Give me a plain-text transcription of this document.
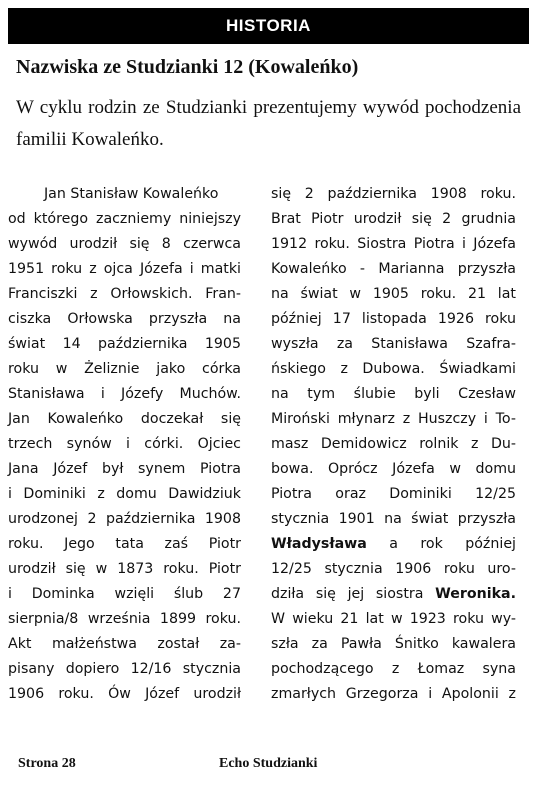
HISTORIA
Nazwiska ze Studzianki 12 (Kowaleńko)

W cyklu rodzin ze Studzianki prezentujemy wywód pochodzenia familii Kowaleńko.

Jan Stanisław Kowaleńko
od którego zaczniemy niniejszy
wywód urodził się 8 czerwca
1951 roku z ojca Józefa i matki
Franciszki z Orłowskich. Fran-
ciszka Orłowska przyszła na
świat 14 października 1905
roku w Żeliznie jako córka
Stanisława i Józefy Muchów.
Jan Kowaleńko doczekał się
trzech synów i córki. Ojciec
Jana Józef był synem Piotra
i Dominiki z domu Dawidziuk
urodzonej 2 października 1908
roku. Jego tata zaś Piotr
urodził się w 1873 roku. Piotr
i Dominka wzięli ślub 27
sierpnia/8 września 1899 roku.
Akt małżeństwa został za-
pisany dopiero 12/16 stycznia
1906 roku. Ów Józef urodził
się 2 października 1908 roku.
Brat Piotr urodził się 2 grudnia
1912 roku. Siostra Piotra i Józefa
Kowaleńko - Marianna przyszła
na świat w 1905 roku. 21 lat
później 17 listopada 1926 roku
wyszła za Stanisława Szafra-
ńskiego z Dubowa. Świadkami
na tym ślubie byli Czesław
Miroński młynarz z Huszczy i To-
masz Demidowicz rolnik z Du-
bowa. Oprócz Józefa w domu
Piotra oraz Dominiki 12/25
stycznia 1901 na świat przyszła
Władysława a rok później
12/25 stycznia 1906 roku uro-
dziła się jej siostra Weronika.
W wieku 21 lat w 1923 roku wy-
szła za Pawła Śnitko kawalera
pochodzącego z Łomaz syna
zmarłych Grzegorza i Apolonii z
Strona 28	Echo Studzianki
